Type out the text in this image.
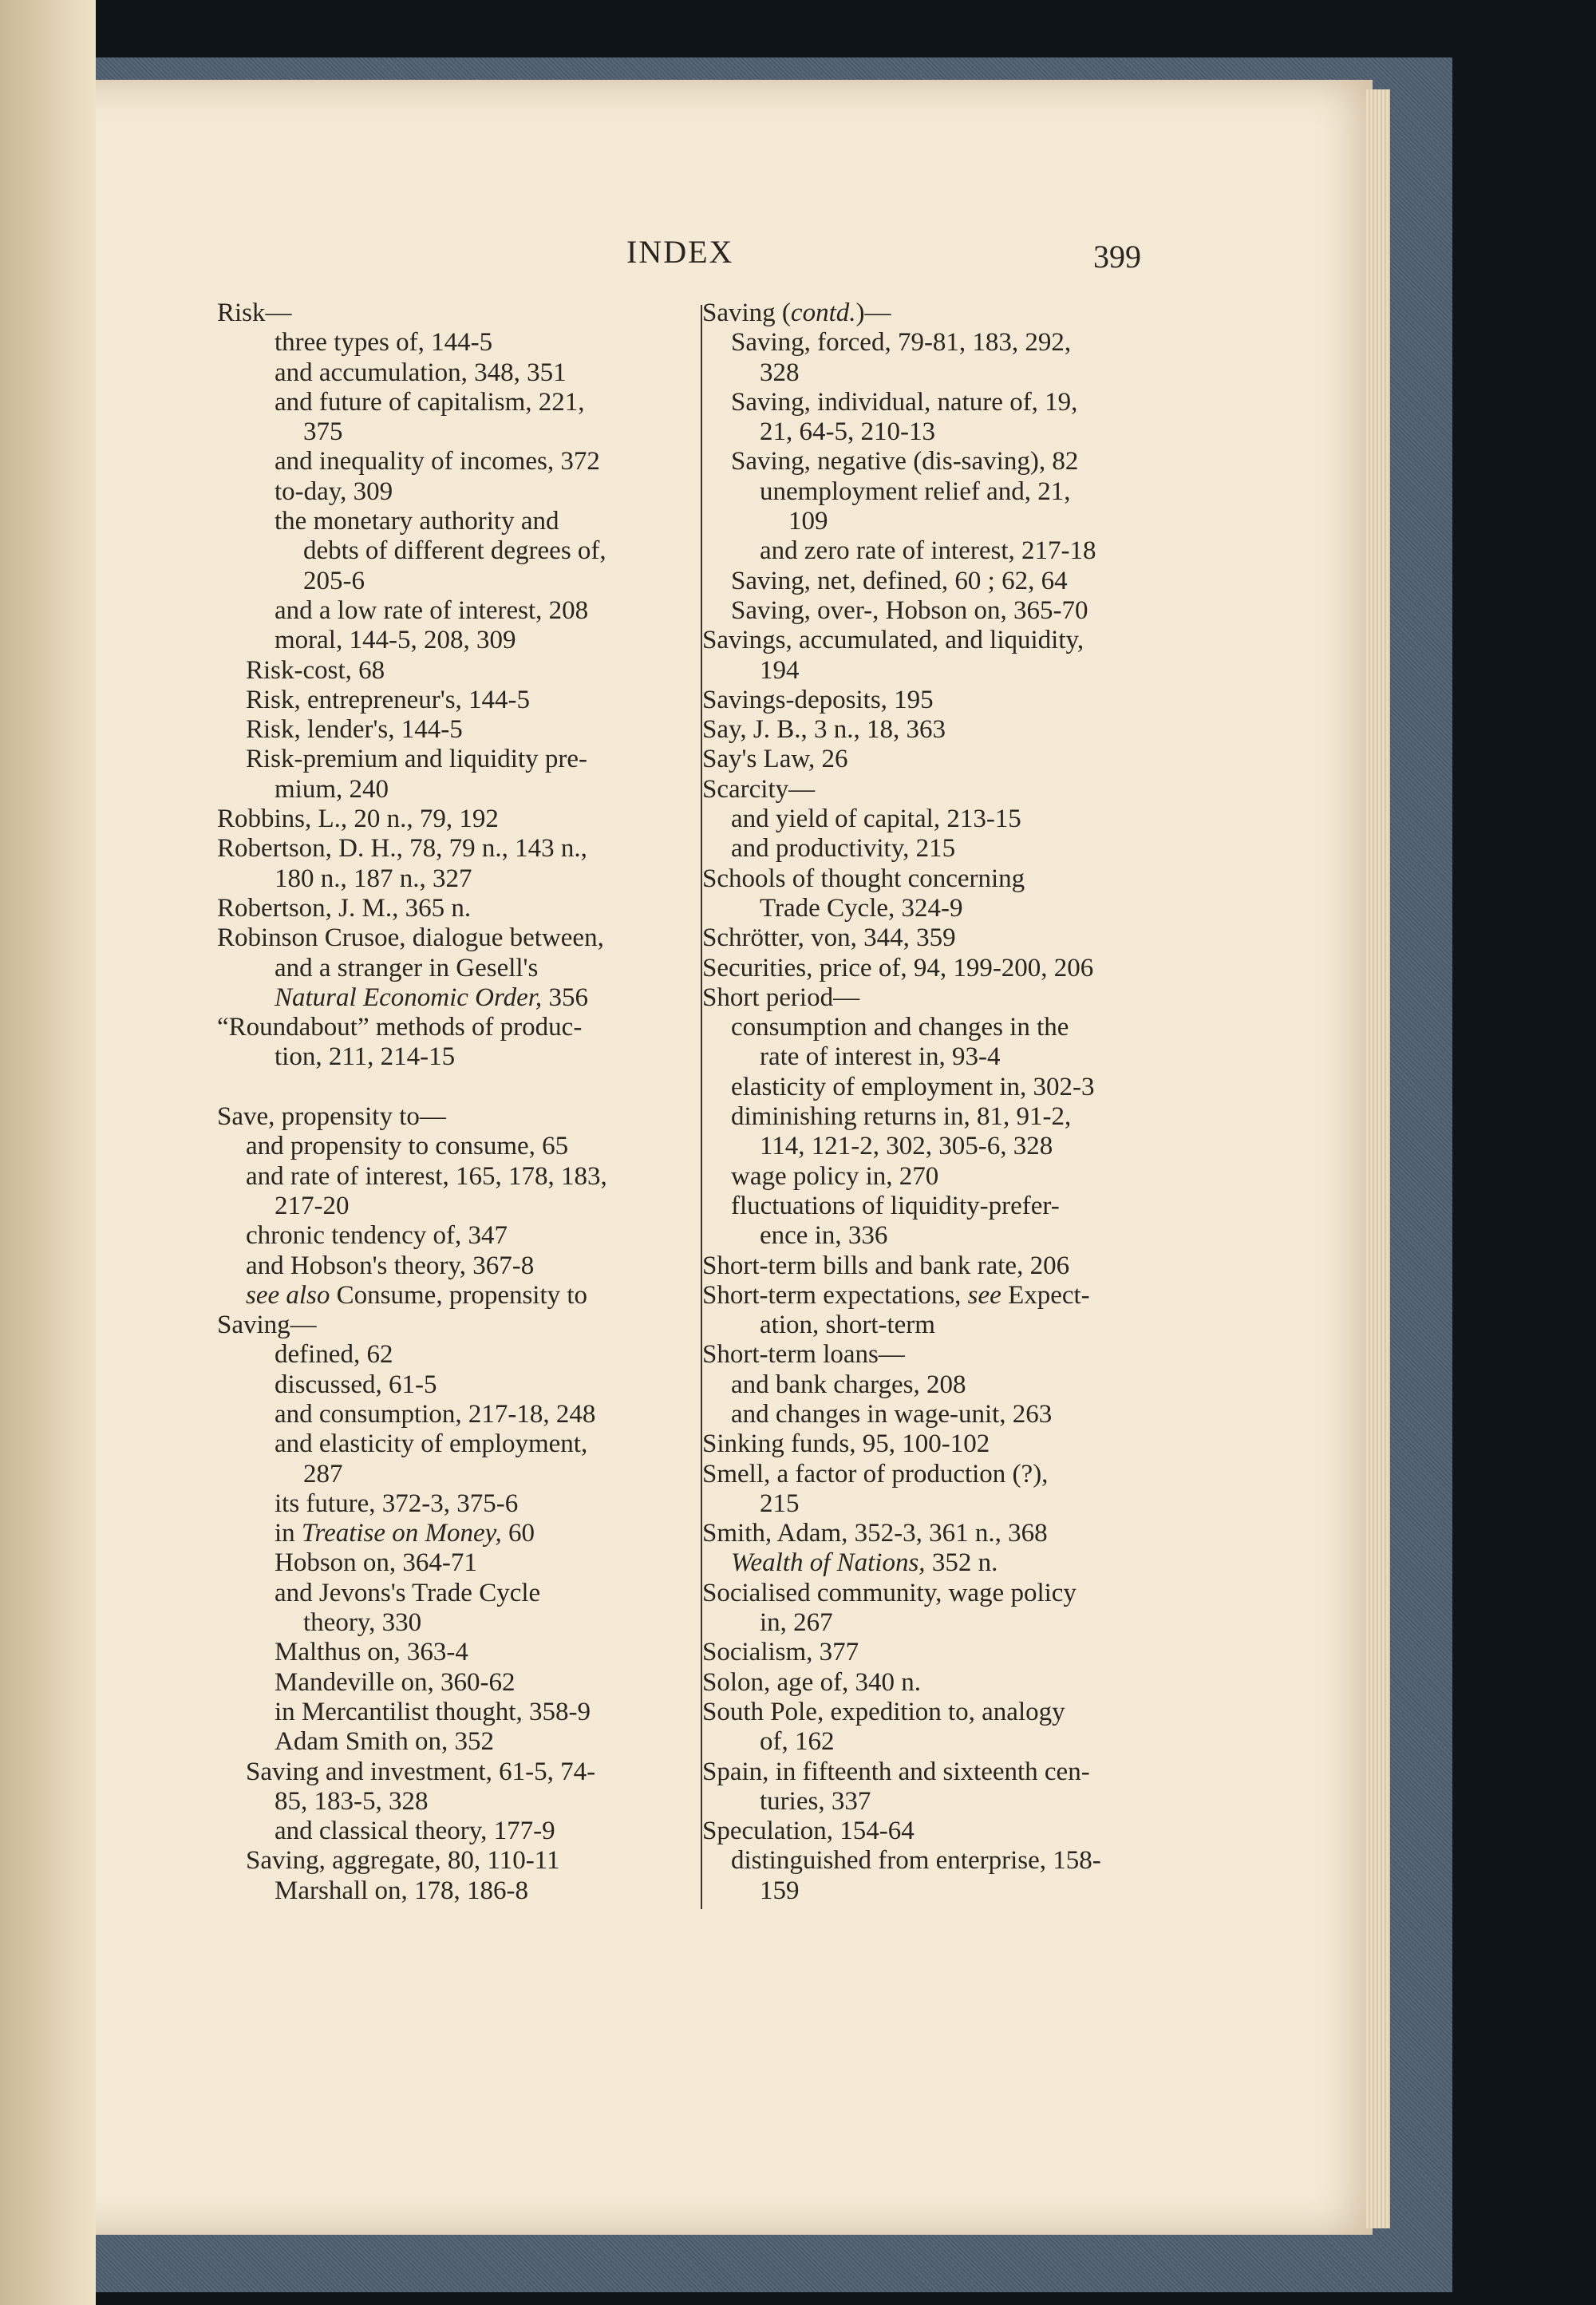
INDEX	399
Risk—
three types of, 144-5
and accumulation, 348, 351
and future of capitalism, 221,
375
and inequality of incomes, 372
to-day, 309
the monetary authority and
debts of different degrees of,
205-6
and a low rate of interest, 208
moral, 144-5, 208, 309
Risk-cost, 68
Risk, entrepreneur's, 144-5
Risk, lender's, 144-5
Risk-premium and liquidity pre-
mium, 240
Robbins, L., 20 n., 79, 192
Robertson, D. H., 78, 79 n., 143 n.,
180 n., 187 n., 327
Robertson, J. M., 365 n.
Robinson Crusoe, dialogue between,
and a stranger in Gesell's
Natural Economic Order, 356
“Roundabout” methods of produc-
tion, 211, 214-15
Save, propensity to—
and propensity to consume, 65
and rate of interest, 165, 178, 183,
217-20
chronic tendency of, 347
and Hobson's theory, 367-8
see also Consume, propensity to
Saving—
defined, 62
discussed, 61-5
and consumption, 217-18, 248
and elasticity of employment,
287
its future, 372-3, 375-6
in Treatise on Money, 60
Hobson on, 364-71
and Jevons's Trade Cycle
theory, 330
Malthus on, 363-4
Mandeville on, 360-62
in Mercantilist thought, 358-9
Adam Smith on, 352
Saving and investment, 61-5, 74-
85, 183-5, 328
and classical theory, 177-9
Saving, aggregate, 80, 110-11
Marshall on, 178, 186-8
Saving (contd.)—
Saving, forced, 79-81, 183, 292,
328
Saving, individual, nature of, 19,
21, 64-5, 210-13
Saving, negative (dis-saving), 82
unemployment relief and, 21,
109
and zero rate of interest, 217-18
Saving, net, defined, 60 ; 62, 64
Saving, over-, Hobson on, 365-70
Savings, accumulated, and liquidity,
194
Savings-deposits, 195
Say, J. B., 3 n., 18, 363
Say's Law, 26
Scarcity—
and yield of capital, 213-15
and productivity, 215
Schools of thought concerning
Trade Cycle, 324-9
Schrötter, von, 344, 359
Securities, price of, 94, 199-200, 206
Short period—
consumption and changes in the
rate of interest in, 93-4
elasticity of employment in, 302-3
diminishing returns in, 81, 91-2,
114, 121-2, 302, 305-6, 328
wage policy in, 270
fluctuations of liquidity-prefer-
ence in, 336
Short-term bills and bank rate, 206
Short-term expectations, see Expect-
ation, short-term
Short-term loans—
and bank charges, 208
and changes in wage-unit, 263
Sinking funds, 95, 100-102
Smell, a factor of production (?),
215
Smith, Adam, 352-3, 361 n., 368
Wealth of Nations, 352 n.
Socialised community, wage policy
in, 267
Socialism, 377
Solon, age of, 340 n.
South Pole, expedition to, analogy
of, 162
Spain, in fifteenth and sixteenth cen-
turies, 337
Speculation, 154-64
distinguished from enterprise, 158-
159
